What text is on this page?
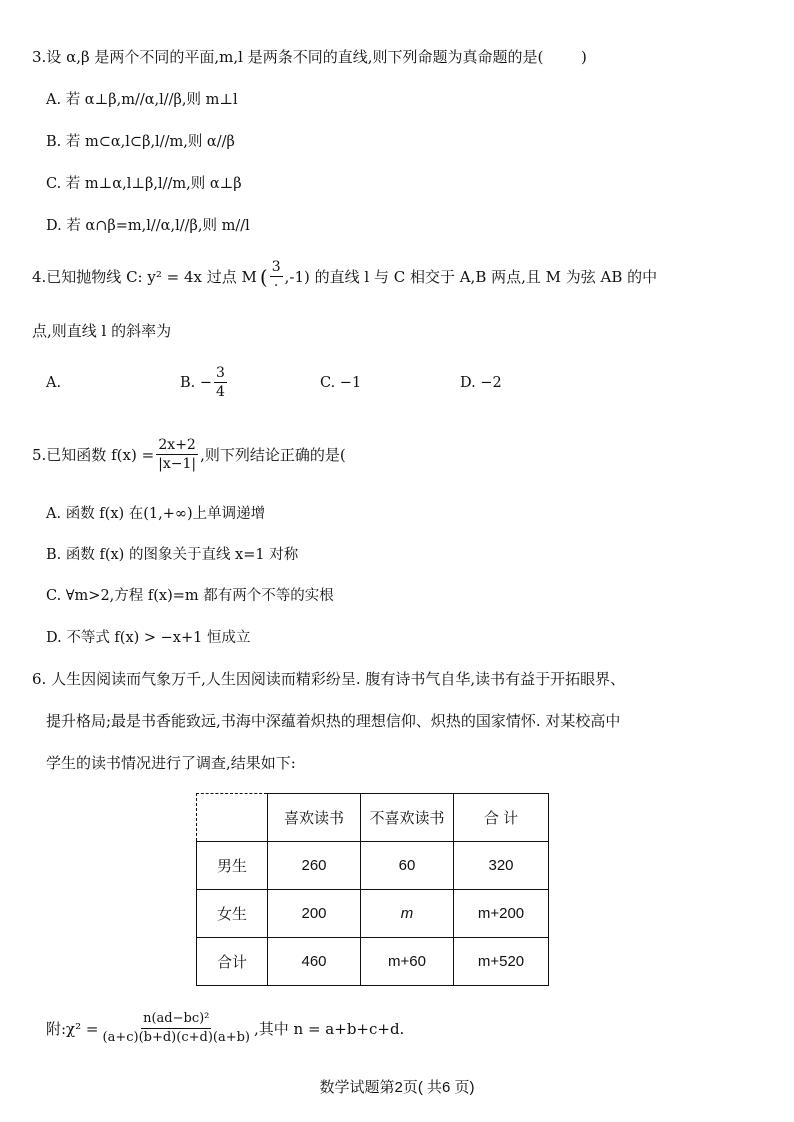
3.设 α,β 是两个不同的平面,m,l 是两条不同的直线,则下列命题为真命题的是(	)
A. 若 α⊥β,m//α,l//β,则 m⊥l
B. 若 m⊂α,l⊂β,l//m,则 α//β
C. 若 m⊥α,l⊥β,l//m,则 α⊥β
D. 若 α∩β=m,l//α,l//β,则 m//l
4.已知抛物线 C: y² = 4x 过点 M ( $\frac{3}{\cdot} ,-1$) 的直线 l 与 C 相交于 A,B 两点,且 M 为弦 AB 的中
点,则直线 l 的斜率为
A.	B. − $\frac{3}{4}$	C. −1	D. −2
5.已知函数 $f(x) = \frac{2x+2}{|x-1|}$ ,则下列结论正确的是(
A. 函数 f(x) 在(1,+∞)上单调递增
B. 函数 f(x) 的图象关于直线 x=1 对称
C. ∀m>2,方程 f(x)=m 都有两个不等的实根
D. 不等式 f(x) > −x+1 恒成立
6. 人生因阅读而气象万千,人生因阅读而精彩纷呈. 腹有诗书气自华,读书有益于开拓眼界、
提升格局;最是书香能致远,书海中深蕴着炽热的理想信仰、炽热的国家情怀. 对某校高中
学生的读书情况进行了调查,结果如下:
	喜欢读书	不喜欢读书	合 计
男生	260	60	320
女生	200	m	m+200
合计	460	m+60	m+520
附:χ² = $\frac{\text{n(ad−bc)²}}{(a+c)(b+d)(c+d)(a+b)}$ ,其中 n = a+b+c+d.
数学试题第2页( 共6 页)
